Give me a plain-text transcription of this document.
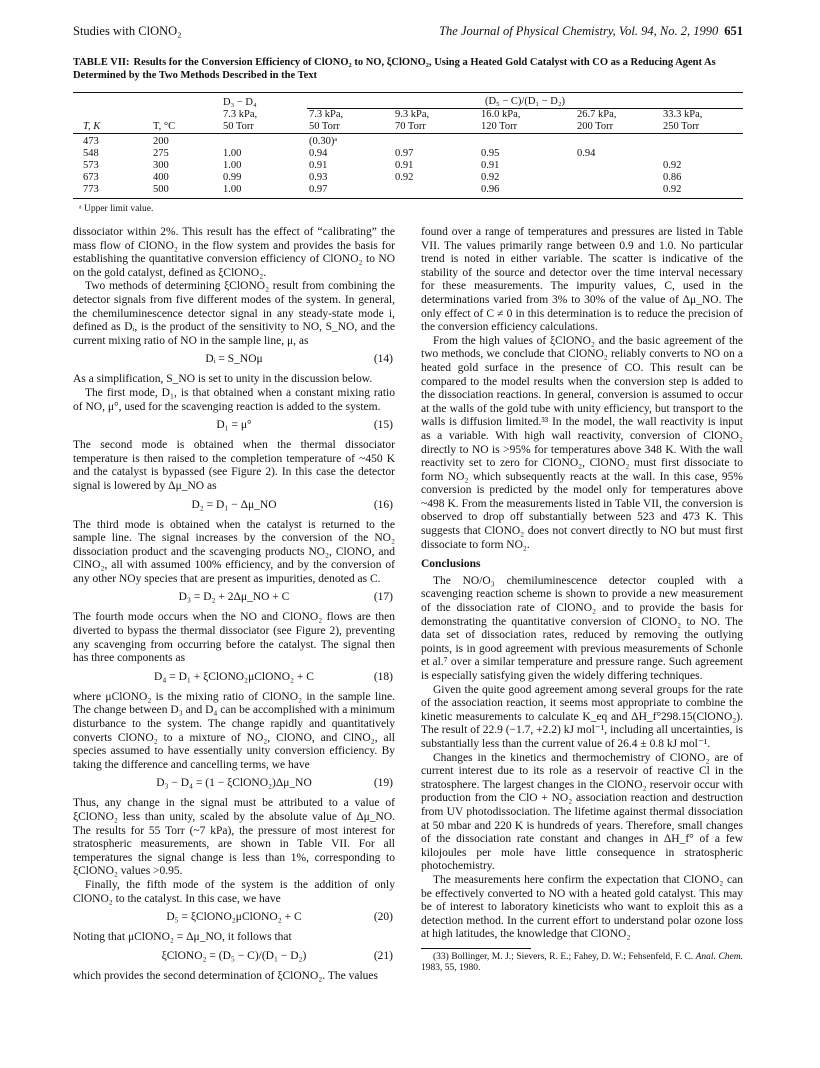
Studies with ClONO₂	The Journal of Physical Chemistry, Vol. 94, No. 2, 1990 651
TABLE VII: Results for the Conversion Efficiency of ClONO₂ to NO, ξClONO₂, Using a Heated Gold Catalyst with CO as a Reducing Agent As Determined by the Two Methods Described in the Text
		D₃ − D₄	(D₅ − C)/(D₁ − D₂)				
		7.3 kPa,	7.3 kPa,	9.3 kPa,	16.0 kPa,	26.7 kPa,	33.3 kPa,
T, K	T, °C	50 Torr	50 Torr	70 Torr	120 Torr	200 Torr	250 Torr
473	200		(0.30)ᵃ				
548	275	1.00	0.94	0.97	0.95	0.94	
573	300	1.00	0.91	0.91	0.91		0.92
673	400	0.99	0.93	0.92	0.92		0.86
773	500	1.00	0.97		0.96		0.92

ᵃ Upper limit value.

dissociator within 2%. This result has the effect of “calibrating” the mass flow of ClONO₂ in the flow system and provides the basis for establishing the quantitative conversion efficiency of ClONO₂ to NO on the gold catalyst, defined as ξClONO₂.

Two methods of determining ξClONO₂ result from combining the detector signals from five different modes of the system. In general, the chemiluminescence detector signal in any steady-state mode i, defined as Dᵢ, is the product of the sensitivity to NO, S_NO, and the current mixing ratio of NO in the sample line, μ, as

Dᵢ = S_NOμ	(14)

As a simplification, S_NO is set to unity in the discussion below.

The first mode, D₁, is that obtained when a constant mixing ratio of NO, μ°, used for the scavenging reaction is added to the system.

D₁ = μ°	(15)

The second mode is obtained when the thermal dissociator temperature is then raised to the completion temperature of ~450 K and the catalyst is bypassed (see Figure 2). In this case the detector signal is lowered by Δμ_NO as

D₂ = D₁ − Δμ_NO	(16)

The third mode is obtained when the catalyst is returned to the sample line. The signal increases by the conversion of the NO₂ dissociation product and the scavenging products NO₂, ClONO, and ClNO₂, all with assumed 100% efficiency, and by the conversion of any other NOy species that are present as impurities, denoted as C.

D₃ = D₂ + 2Δμ_NO + C	(17)

The fourth mode occurs when the NO and ClONO₂ flows are then diverted to bypass the thermal dissociator (see Figure 2), preventing any scavenging from occurring before the catalyst. The signal then has three components as

D₄ = D₁ + ξClONO₂μClONO₂ + C	(18)

where μClONO₂ is the mixing ratio of ClONO₂ in the sample line. The change between D₃ and D₄ can be accomplished with a minimum disturbance to the system. The change rapidly and quantitatively converts ClONO₂ to a mixture of NO₂, ClONO, and ClNO₂, all species assumed to have essentially unity conversion efficiency. By taking the difference and cancelling terms, we have

D₃ − D₄ = (1 − ξClONO₂)Δμ_NO	(19)

Thus, any change in the signal must be attributed to a value of ξClONO₂ less than unity, scaled by the absolute value of Δμ_NO. The results for 55 Torr (~7 kPa), the pressure of most interest for stratospheric measurements, are shown in Table VII. For all temperatures the signal change is less than 1%, corresponding to ξClONO₂ values >0.95.

Finally, the fifth mode of the system is the addition of only ClONO₂ to the catalyst. In this case, we have

D₅ = ξClONO₂μClONO₂ + C	(20)

Noting that μClONO₂ = Δμ_NO, it follows that

ξClONO₂ = (D₅ − C)/(D₁ − D₂)	(21)

which provides the second determination of ξClONO₂. The values

found over a range of temperatures and pressures are listed in Table VII. The values primarily range between 0.9 and 1.0. No particular trend is noted in either variable. The scatter is indicative of the stability of the source and detector over the time interval necessary for these measurements. The impurity values, C, used in the determinations varied from 3% to 30% of the value of Δμ_NO. The only effect of C ≠ 0 in this determination is to reduce the precision of the conversion efficiency calculations.

From the high values of ξClONO₂ and the basic agreement of the two methods, we conclude that ClONO₂ reliably converts to NO on a heated gold surface in the presence of CO. This result can be compared to the model results when the conversion step is added to the dissociation reactions. In general, conversion is assumed to occur at the walls of the gold tube with unity efficiency, but transport to the walls is diffusion limited.³³ In the model, the wall reactivity is input as a variable. With high wall reactivity, conversion of ClONO₂ directly to NO is >95% for temperatures above 348 K. With the wall reactivity set to zero for ClONO₂, ClONO₂ must first dissociate to form NO₂ which subsequently reacts at the wall. In this case, 95% conversion is predicted by the model only for temperatures above ~498 K. From the measurements listed in Table VII, the conversion is observed to drop off substantially between 523 and 473 K. This suggests that ClONO₂ does not convert directly to NO but must first dissociate to form NO₂.

Conclusions

The NO/O₃ chemiluminescence detector coupled with a scavenging reaction scheme is shown to provide a new measurement of the dissociation rate of ClONO₂ and to provide the basis for demonstrating the quantitative conversion of ClONO₂ to NO. The data set of dissociation rates, reduced by removing the outlying points, is in good agreement with previous measurements of Schonle et al.⁷ over a similar temperature and pressure range. Such agreement is especially satisfying given the widely differing techniques.

Given the quite good agreement among several groups for the rate of the association reaction, it seems most appropriate to combine the kinetic measurements to calculate K_eq and ΔH_f°298.15(ClONO₂). The result of 22.9 (−1.7, +2.2) kJ mol⁻¹, including all uncertainties, is substantially less than the current value of 26.4 ± 0.8 kJ mol⁻¹.

Changes in the kinetics and thermochemistry of ClONO₂ are of current interest due to its role as a reservoir of reactive Cl in the stratosphere. The largest changes in the ClONO₂ reservoir occur with production from the ClO + NO₂ association reaction and destruction from UV photodissociation. The lifetime against thermal dissociation at 50 mbar and 220 K is hundreds of years. Therefore, small changes of the dissociation rate constant and changes in ΔH_f° of a few kilojoules per mole have little consequence in stratospheric photochemistry.

The measurements here confirm the expectation that ClONO₂ can be effectively converted to NO with a heated gold catalyst. This may be of interest to laboratory kineticists who want to exploit this as a detection method. In the current effort to understand polar ozone loss at high latitudes, the knowledge that ClONO₂

(33) Bollinger, M. J.; Sievers, R. E.; Fahey, D. W.; Fehsenfeld, F. C. Anal. Chem. 1983, 55, 1980.
